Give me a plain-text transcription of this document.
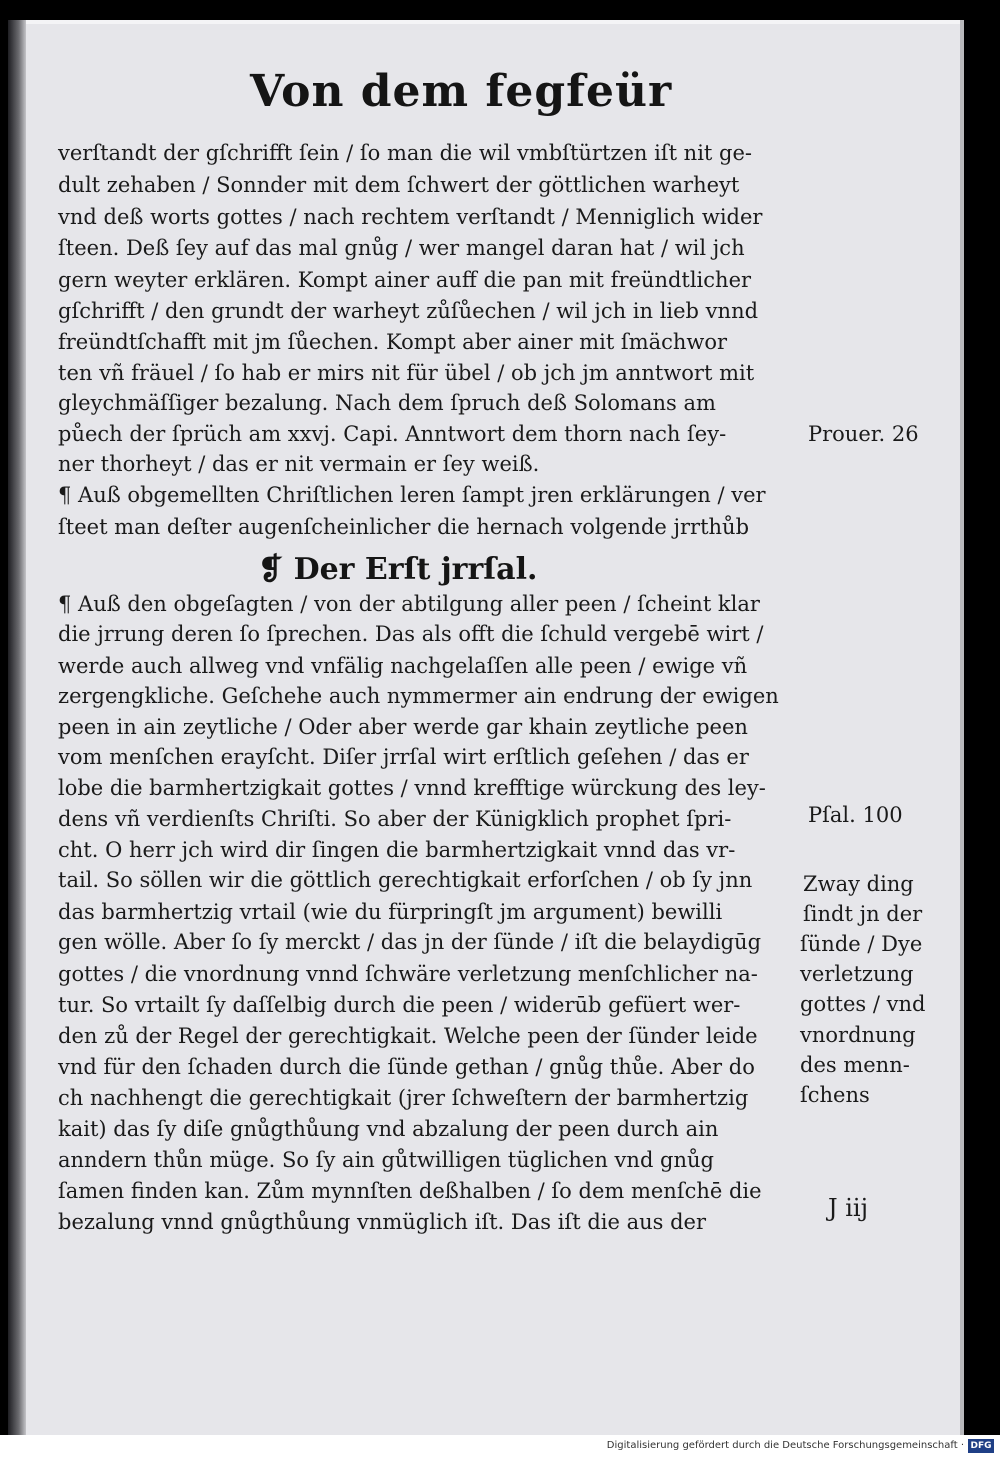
Von dem fegfeür
verſtandt der gſchrifft ſein / ſo man die wil vmbſtürtzen iſt nit ge-
dult zehaben / Sonnder mit dem ſchwert der göttlichen warheyt
vnd deß worts gottes / nach rechtem verſtandt / Menniglich wider
ſteen. Deß ſey auf das mal gnůg / wer mangel daran hat / wil jch
gern weyter erklären. Kompt ainer auff die pan mit freündtlicher
gſchrifft / den grundt der warheyt zůſůechen / wil jch in lieb vnnd
freündtſchafft mit jm ſůechen. Kompt aber ainer mit ſmächwor
ten vñ fräuel / ſo hab er mirs nit für übel / ob jch jm anntwort mit
gleychmäſſiger bezalung. Nach dem ſpruch deß Solomans am
půech der ſprüch am xxvj. Capi. Anntwort dem thorn nach ſey-
ner thorheyt / das er nit vermain er ſey weiß.
¶ Auß obgemellten Chriſtlichen leren ſampt jren erklärungen / ver
ſteet man deſter augenſcheinlicher die hernach volgende jrrthůb
❡ Der Erſt jrrſal.
¶ Auß den obgeſagten / von der abtilgung aller peen / ſcheint klar
die jrrung deren ſo ſprechen. Das als offt die ſchuld vergebē wirt /
werde auch allweg vnd vnfälig nachgelaſſen alle peen / ewige vñ
zergengkliche. Geſchehe auch nymmermer ain endrung der ewigen
peen in ain zeytliche / Oder aber werde gar khain zeytliche peen
vom menſchen erayſcht. Diſer jrrſal wirt erſtlich geſehen / das er
lobe die barmhertzigkait gottes / vnnd krefftige würckung des ley-
dens vñ verdienſts Chriſti. So aber der Künigklich prophet ſpri-
cht. O herr jch wird dir ſingen die barmhertzigkait vnnd das vr-
tail. So söllen wir die göttlich gerechtigkait erforſchen / ob ſy jnn
das barmhertzig vrtail (wie du fürpringſt jm argument) bewilli
gen wölle. Aber ſo ſy merckt / das jn der ſünde / iſt die belaydigūg
gottes / die vnordnung vnnd ſchwäre verletzung menſchlicher na-
tur. So vrtailt ſy daſſelbig durch die peen / widerūb gefüert wer-
den zů der Regel der gerechtigkait. Welche peen der ſünder leide
vnd für den ſchaden durch die ſünde gethan / gnůg thůe. Aber do
ch nachhengt die gerechtigkait (jrer ſchweſtern der barmhertzig
kait) das ſy diſe gnůgthůung vnd abzalung der peen durch ain
anndern thůn müge. So ſy ain gůtwilligen tüglichen vnd gnůg
ſamen finden kan. Zům mynnſten deßhalben / ſo dem menſchē die
bezalung vnnd gnůgthůung vnmüglich iſt. Das iſt die aus der
Prouer. 26
Pſal. 100
Zway ding
ſindt jn der
ſünde / Dye
verletzung
gottes / vnd
vnordnung
des menn-
ſchens
J iij
Digitalisierung gefördert durch die Deutsche Forschungsgemeinschaft · DFG
